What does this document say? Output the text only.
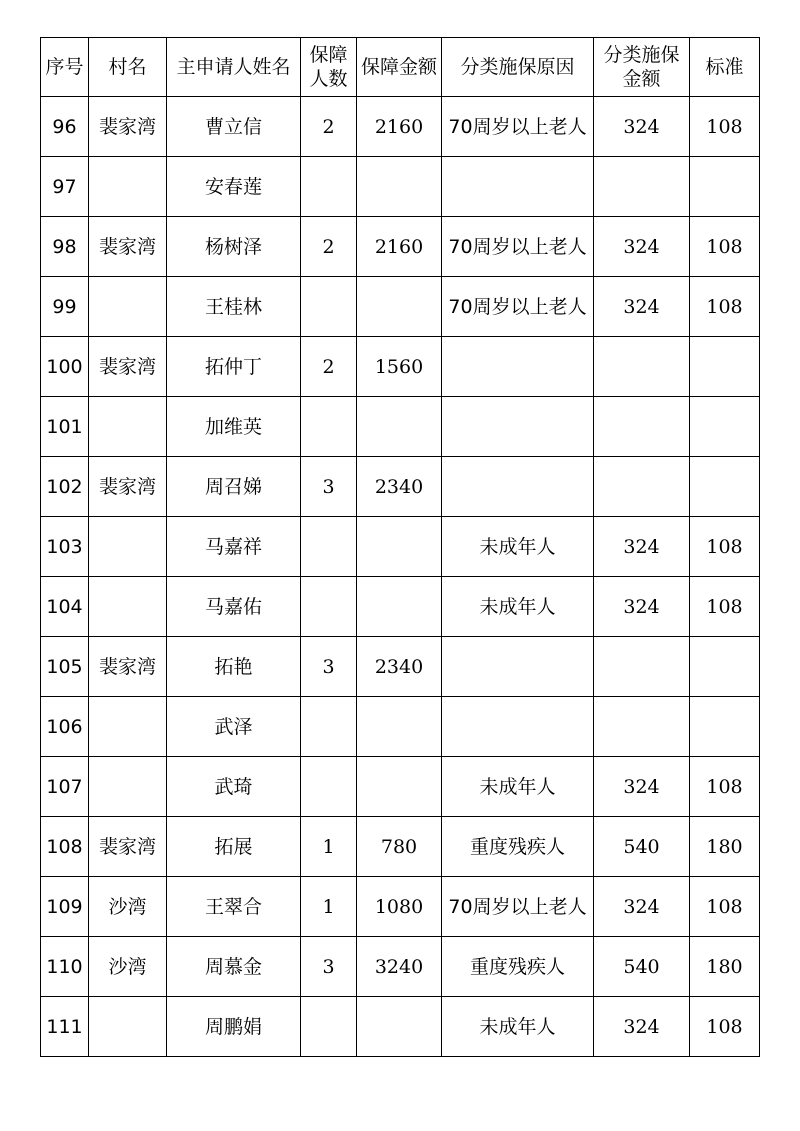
序号	村名	主申请人姓名	保障人数	保障金额	分类施保原因	分类施保金额	标准
96	裴家湾	曹立信	2	2160	70周岁以上老人	324	108
97		安春莲					
98	裴家湾	杨树泽	2	2160	70周岁以上老人	324	108
99		王桂林			70周岁以上老人	324	108
100	裴家湾	拓仲丁	2	1560			
101		加维英					
102	裴家湾	周召娣	3	2340			
103		马嘉祥			未成年人	324	108
104		马嘉佑			未成年人	324	108
105	裴家湾	拓艳	3	2340			
106		武泽					
107		武琦			未成年人	324	108
108	裴家湾	拓展	1	780	重度残疾人	540	180
109	沙湾	王翠合	1	1080	70周岁以上老人	324	108
110	沙湾	周慕金	3	3240	重度残疾人	540	180
111		周鹏娟			未成年人	324	108
